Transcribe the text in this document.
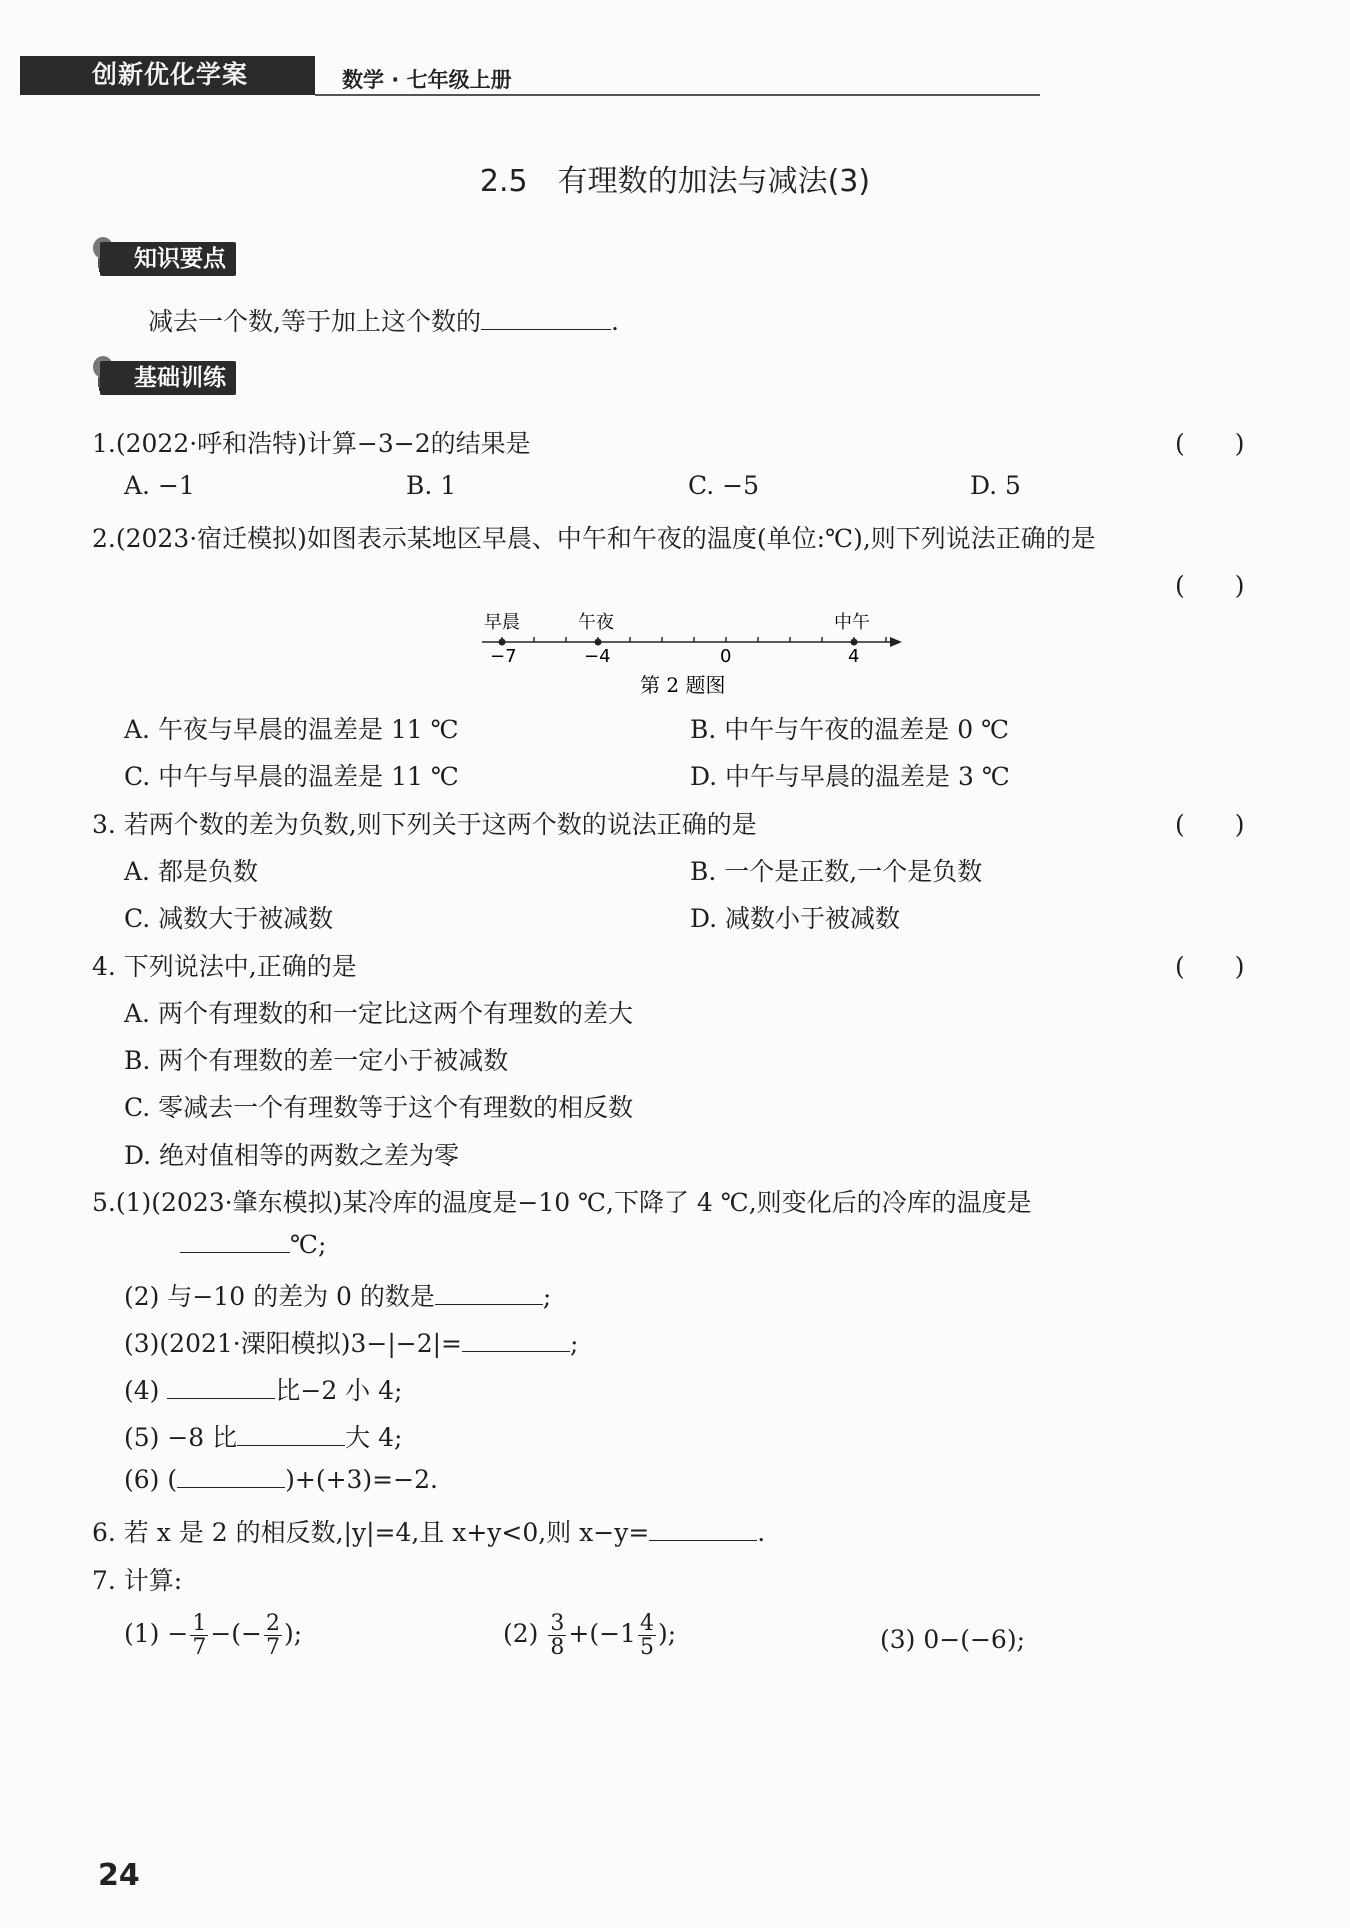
创新优化学案	数学 · 七年级上册
2.5　有理数的加法与减法(3)
知识要点
减去一个数,等于加上这个数的	.
基础训练
1.(2022·呼和浩特)计算−3−2的结果是	(　　)
A. −1	B. 1	C. −5	D. 5
2.(2023·宿迁模拟)如图表示某地区早晨、中午和午夜的温度(单位:℃),则下列说法正确的是
(　　)
早晨	午夜	中午
−7	−4	0	4
第 2 题图
A. 午夜与早晨的温差是 11 ℃	B. 中午与午夜的温差是 0 ℃
C. 中午与早晨的温差是 11 ℃	D. 中午与早晨的温差是 3 ℃
3. 若两个数的差为负数,则下列关于这两个数的说法正确的是	(　　)
A. 都是负数	B. 一个是正数,一个是负数
C. 减数大于被减数	D. 减数小于被减数
4. 下列说法中,正确的是	(　　)
A. 两个有理数的和一定比这两个有理数的差大
B. 两个有理数的差一定小于被减数
C. 零减去一个有理数等于这个有理数的相反数
D. 绝对值相等的两数之差为零
5.(1)(2023·肇东模拟)某冷库的温度是−10 ℃,下降了 4 ℃,则变化后的冷库的温度是
℃;
(2) 与−10 的差为 0 的数是	;
(3)(2021·溧阳模拟)3−|−2|=	;
(4)	比−2 小 4;
(5) −8 比	大 4;
(6) (	)+(+3)=−2.
6. 若 x 是 2 的相反数,|y|=4,且 x+y<0,则 x−y=	.
7. 计算:
$(1) - \frac{1}{7}$ −(− $\frac{2}{7}$ );	$(2) \frac{3}{8} +(-1 \frac{4}{5}$ );	(3) 0−(−6);
24
